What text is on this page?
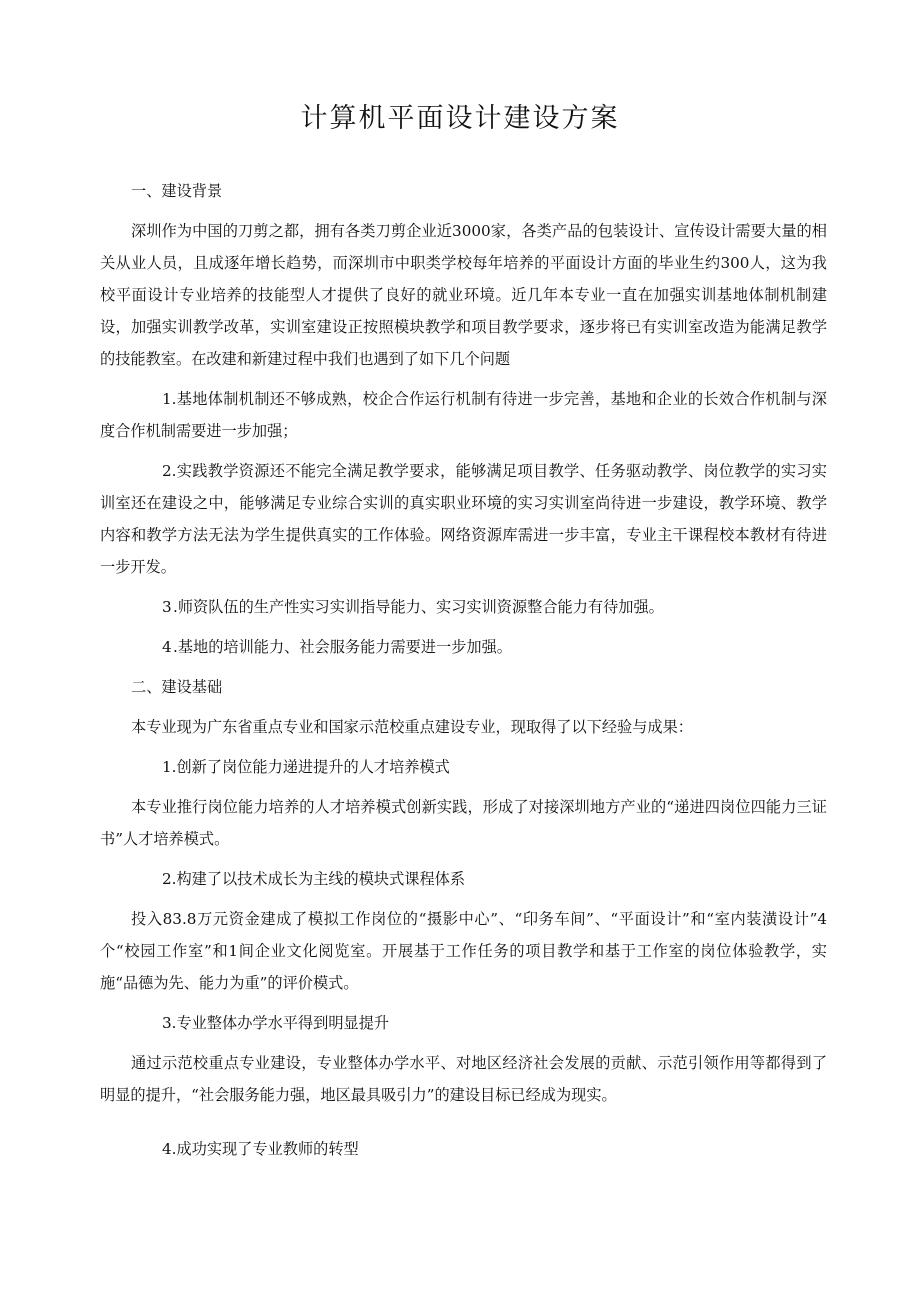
计算机平面设计建设方案
一、建设背景
深圳作为中国的刀剪之都，拥有各类刀剪企业近3000家，各类产品的包装设计、宣传设计需要大量的相关从业人员，且成逐年增长趋势，而深圳市中职类学校每年培养的平面设计方面的毕业生约300人，这为我校平面设计专业培养的技能型人才提供了良好的就业环境。近几年本专业一直在加强实训基地体制机制建设，加强实训教学改革，实训室建设正按照模块教学和项目教学要求，逐步将已有实训室改造为能满足教学的技能教室。在改建和新建过程中我们也遇到了如下几个问题
1.基地体制机制还不够成熟，校企合作运行机制有待进一步完善，基地和企业的长效合作机制与深度合作机制需要进一步加强；
2.实践教学资源还不能完全满足教学要求，能够满足项目教学、任务驱动教学、岗位教学的实习实训室还在建设之中，能够满足专业综合实训的真实职业环境的实习实训室尚待进一步建设，教学环境、教学内容和教学方法无法为学生提供真实的工作体验。网络资源库需进一步丰富，专业主干课程校本教材有待进一步开发。
3.师资队伍的生产性实习实训指导能力、实习实训资源整合能力有待加强。
4.基地的培训能力、社会服务能力需要进一步加强。
二、建设基础
本专业现为广东省重点专业和国家示范校重点建设专业，现取得了以下经验与成果：
1.创新了岗位能力递进提升的人才培养模式
本专业推行岗位能力培养的人才培养模式创新实践，形成了对接深圳地方产业的“递进四岗位四能力三证书”人才培养模式。
2.构建了以技术成长为主线的模块式课程体系
投入83.8万元资金建成了模拟工作岗位的“摄影中心”、“印务车间”、“平面设计”和“室内装潢设计”4个“校园工作室”和1间企业文化阅览室。开展基于工作任务的项目教学和基于工作室的岗位体验教学，实施“品德为先、能力为重”的评价模式。
3.专业整体办学水平得到明显提升
通过示范校重点专业建设，专业整体办学水平、对地区经济社会发展的贡献、示范引领作用等都得到了明显的提升，“社会服务能力强，地区最具吸引力”的建设目标已经成为现实。
4.成功实现了专业教师的转型
